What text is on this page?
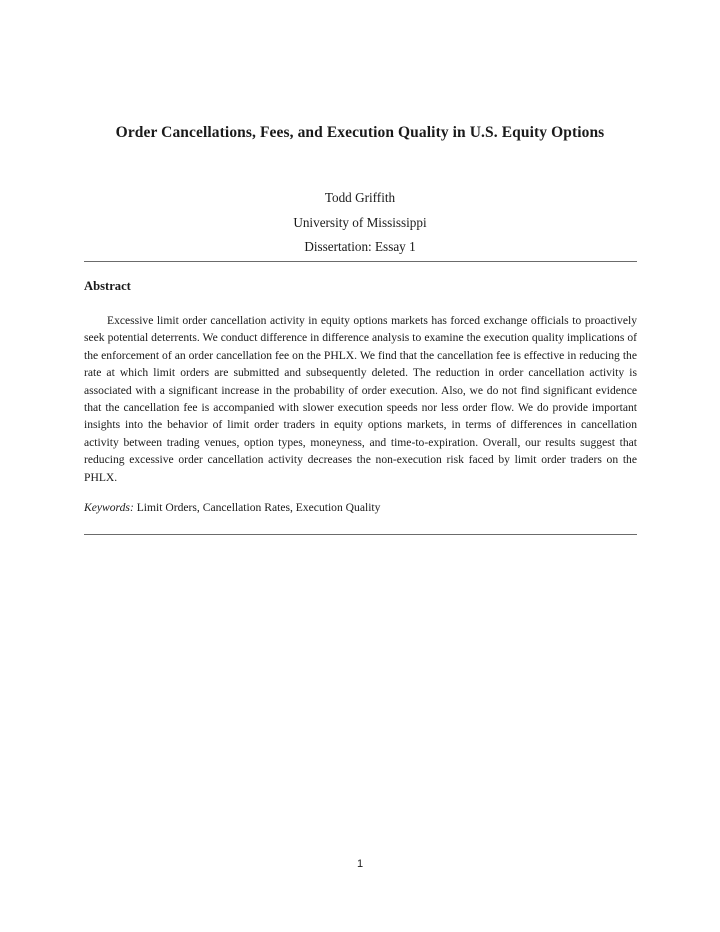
Order Cancellations, Fees, and Execution Quality in U.S. Equity Options
Todd Griffith
University of Mississippi
Dissertation: Essay 1
Abstract

Excessive limit order cancellation activity in equity options markets has forced exchange officials to proactively seek potential deterrents. We conduct difference in difference analysis to examine the execution quality implications of the enforcement of an order cancellation fee on the PHLX. We find that the cancellation fee is effective in reducing the rate at which limit orders are submitted and subsequently deleted. The reduction in order cancellation activity is associated with a significant increase in the probability of order execution. Also, we do not find significant evidence that the cancellation fee is accompanied with slower execution speeds nor less order flow. We do provide important insights into the behavior of limit order traders in equity options markets, in terms of differences in cancellation activity between trading venues, option types, moneyness, and time-to-expiration. Overall, our results suggest that reducing excessive order cancellation activity decreases the non-execution risk faced by limit order traders on the PHLX.

Keywords: Limit Orders, Cancellation Rates, Execution Quality
1
